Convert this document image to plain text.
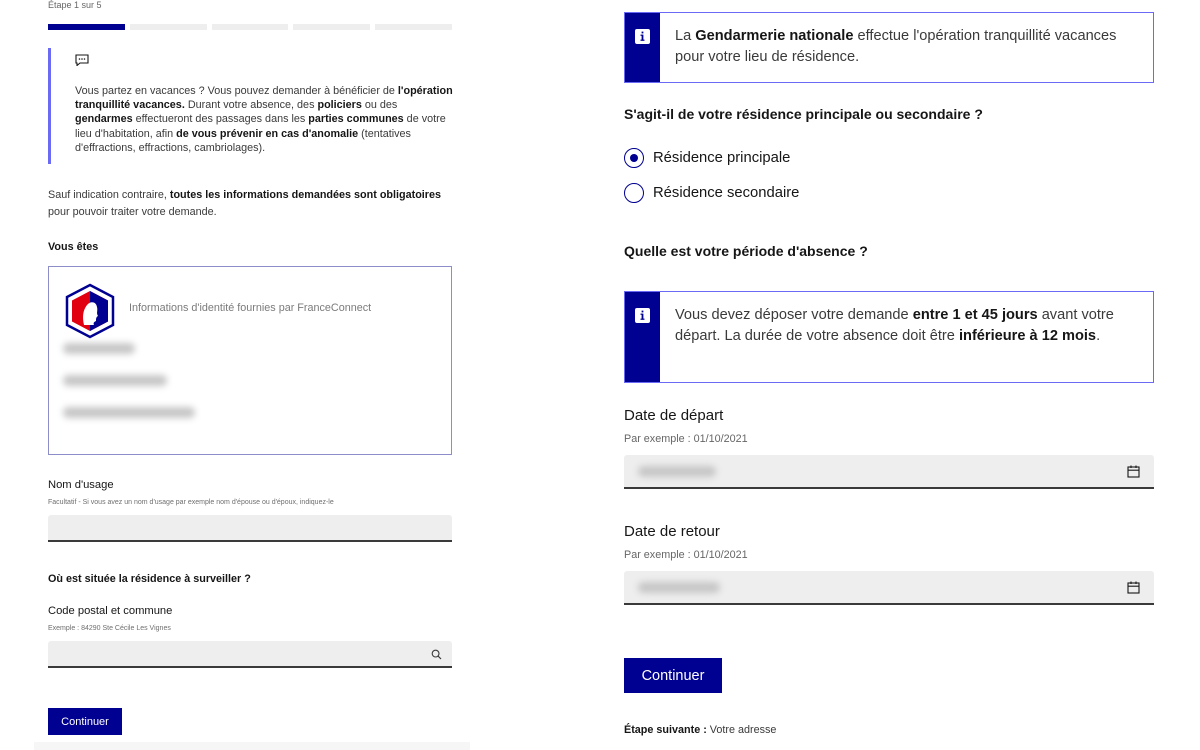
Étape 1 sur 5

Vous partez en vacances ? Vous pouvez demander à bénéficier de l'opération tranquillité vacances. Durant votre absence, des policiers ou des gendarmes effectueront des passages dans les parties communes de votre lieu d'habitation, afin de vous prévenir en cas d'anomalie (tentatives d'effractions, effractions, cambriolages).

Sauf indication contraire, toutes les informations demandées sont obligatoires pour pouvoir traiter votre demande.

Vous êtes
Informations d'identité fournies par FranceConnect
Nom d'usage
Facultatif - Si vous avez un nom d'usage par exemple nom d'épouse ou d'époux, indiquez-le
Où est située la résidence à surveiller ?
Code postal et commune
Exemple : 84290 Ste Cécile Les Vignes
Continuer
La Gendarmerie nationale effectue l'opération tranquillité vacances pour votre lieu de résidence.
S'agit-il de votre résidence principale ou secondaire ?
Résidence principale
Résidence secondaire
Quelle est votre période d'absence ?
Vous devez déposer votre demande entre 1 et 45 jours avant votre départ. La durée de votre absence doit être inférieure à 12 mois.
Date de départ
Par exemple : 01/10/2021
Date de retour
Par exemple : 01/10/2021
Continuer
Étape suivante : Votre adresse
